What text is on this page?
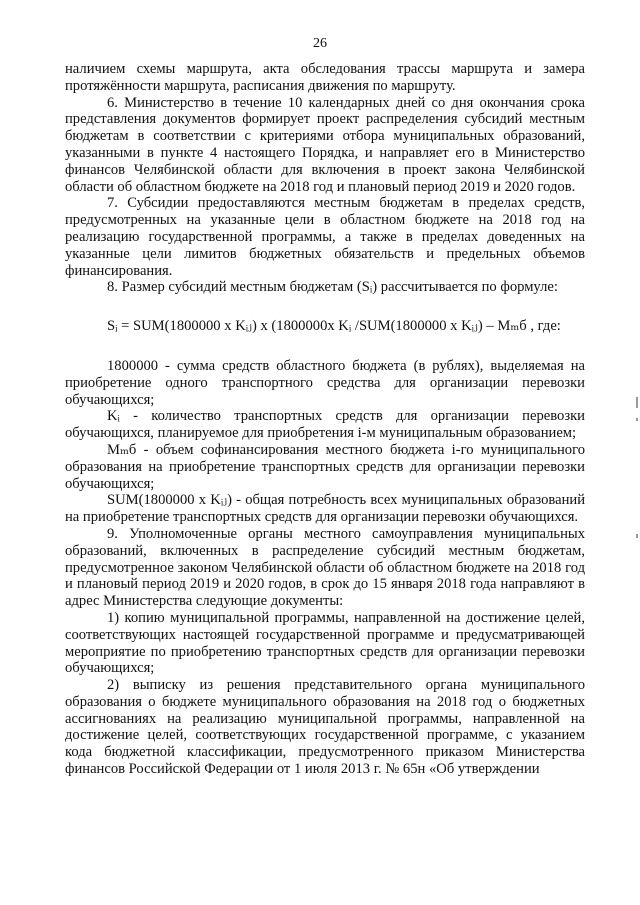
26

наличием схемы маршрута, акта обследования трассы маршрута и замера протяжённости маршрута, расписания движения по маршруту.

6. Министерство в течение 10 календарных дней со дня окончания срока представления документов формирует проект распределения субсидий местным бюджетам в соответствии с критериями отбора муниципальных образований, указанными в пункте 4 настоящего Порядка, и направляет его в Министерство финансов Челябинской области для включения в проект закона Челябинской области об областном бюджете на 2018 год и плановый период 2019 и 2020 годов.

7. Субсидии предоставляются местным бюджетам в пределах средств, предусмотренных на указанные цели в областном бюджете на 2018 год на реализацию государственной программы, а также в пределах доведенных на указанные цели лимитов бюджетных обязательств и предельных объемов финансирования.

8. Размер субсидий местным бюджетам (Sᵢ) рассчитывается по формуле:

Sᵢ = SUM(1800000 x Kᵢⱼ) x (1800000x Kᵢ /SUM(1800000 x Kᵢⱼ) – Mₘб , где:

1800000 - сумма средств областного бюджета (в рублях), выделяемая на приобретение одного транспортного средства для организации перевозки обучающихся;

Kᵢ - количество транспортных средств для организации перевозки обучающихся, планируемое для приобретения i-м муниципальным образованием;

Mₘб - объем софинансирования местного бюджета i-го муниципального образования на приобретение транспортных средств для организации перевозки обучающихся;

SUM(1800000 x Kᵢⱼ) - общая потребность всех муниципальных образований на приобретение транспортных средств для организации перевозки обучающихся.

9. Уполномоченные органы местного самоуправления муниципальных образований, включенных в распределение субсидий местным бюджетам, предусмотренное законом Челябинской области об областном бюджете на 2018 год и плановый период 2019 и 2020 годов, в срок до 15 января 2018 года направляют в адрес Министерства следующие документы:

1) копию муниципальной программы, направленной на достижение целей, соответствующих настоящей государственной программе и предусматривающей мероприятие по приобретению транспортных средств для организации перевозки обучающихся;

2) выписку из решения представительного органа муниципального образования о бюджете муниципального образования на 2018 год о бюджетных ассигнованиях на реализацию муниципальной программы, направленной на достижение целей, соответствующих государственной программе, с указанием кода бюджетной классификации, предусмотренного приказом Министерства финансов Российской Федерации от 1 июля 2013 г. № 65н «Об утверждении
